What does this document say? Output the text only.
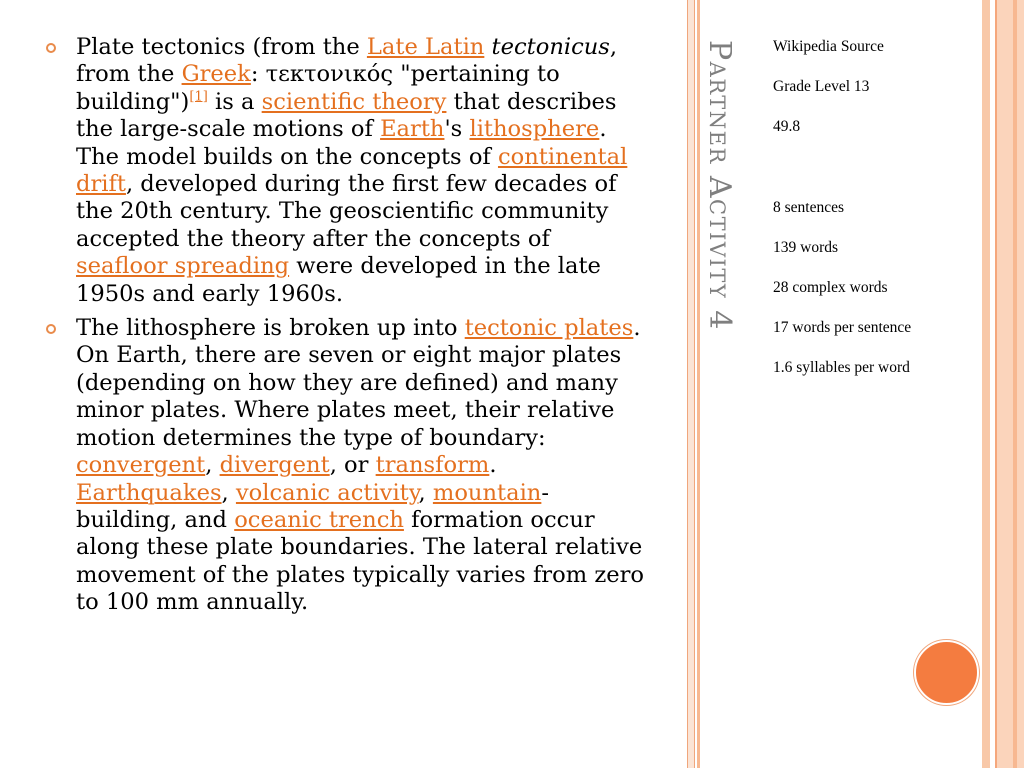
Plate tectonics (from the Late Latin tectonicus, from the Greek: τεκτονικός "pertaining to building")[1] is a scientific theory that describes the large-scale motions of Earth's lithosphere. The model builds on the concepts of continental drift, developed during the first few decades of the 20th century. The geoscientific community accepted the theory after the concepts of seafloor spreading were developed in the late 1950s and early 1960s.

The lithosphere is broken up into tectonic plates. On Earth, there are seven or eight major plates (depending on how they are defined) and many minor plates. Where plates meet, their relative motion determines the type of boundary: convergent, divergent, or transform. Earthquakes, volcanic activity, mountain-building, and oceanic trench formation occur along these plate boundaries. The lateral relative movement of the plates typically varies from zero to 100 mm annually.

Partner Activity 4 Wikipedia Source
Grade Level 13
49.8
8 sentences
139 words
28 complex words
17 words per sentence
1.6 syllables per word
